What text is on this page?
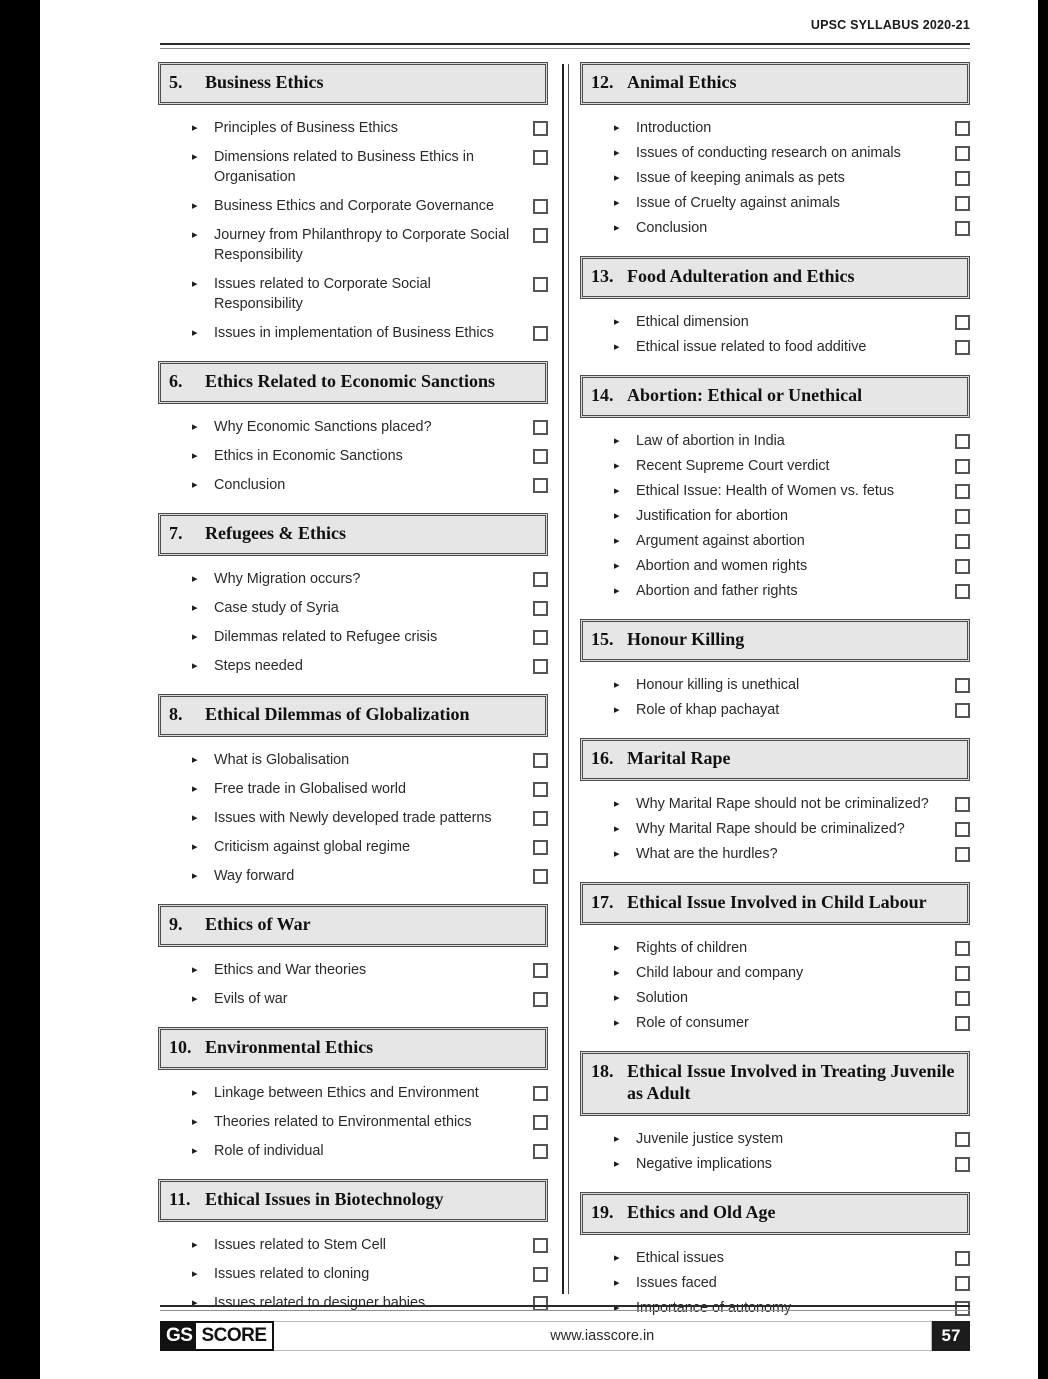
UPSC SYLLABUS 2020-21
5.	Business Ethics
▸	Principles of Business Ethics
▸	Dimensions related to Business Ethics in Organisation
▸	Business Ethics and Corporate Governance
▸	Journey from Philanthropy to Corporate Social Responsibility
▸	Issues related to Corporate Social Responsibility
▸	Issues in implementation of Business Ethics
6.	Ethics Related to Economic Sanctions
▸	Why Economic Sanctions placed?
▸	Ethics in Economic Sanctions
▸	Conclusion
7.	Refugees & Ethics
▸	Why Migration occurs?
▸	Case study of Syria
▸	Dilemmas related to Refugee crisis
▸	Steps needed
8.	Ethical Dilemmas of Globalization
▸	What is Globalisation
▸	Free trade in Globalised world
▸	Issues with Newly developed trade patterns
▸	Criticism against global regime
▸	Way forward
9.	Ethics of War
▸	Ethics and War theories
▸	Evils of war
10. Environmental Ethics
▸	Linkage between Ethics and Environment
▸	Theories related to Environmental ethics
▸	Role of individual
11. Ethical Issues in Biotechnology
▸	Issues related to Stem Cell
▸	Issues related to cloning
▸	Issues related to designer babies
12. Animal Ethics
▸	Introduction
▸	Issues of conducting research on animals
▸	Issue of keeping animals as pets
▸	Issue of Cruelty against animals
▸	Conclusion
13. Food Adulteration and Ethics
▸	Ethical dimension
▸	Ethical issue related to food additive
14. Abortion: Ethical or Unethical
▸	Law of abortion in India
▸	Recent Supreme Court verdict
▸	Ethical Issue: Health of Women vs. fetus
▸	Justification for abortion
▸	Argument against abortion
▸	Abortion and women rights
▸	Abortion and father rights
15. Honour Killing
▸	Honour killing is unethical
▸	Role of khap pachayat
16. Marital Rape
▸	Why Marital Rape should not be criminalized?
▸	Why Marital Rape should be criminalized?
▸	What are the hurdles?
17. Ethical Issue Involved in Child Labour
▸	Rights of children
▸	Child labour and company
▸	Solution
▸	Role of consumer
18. Ethical Issue Involved in Treating Juvenile as Adult
▸	Juvenile justice system
▸	Negative implications
19. Ethics and Old Age
▸	Ethical issues
▸	Issues faced
▸	Importance of autonomy
GS SCORE	www.iasscore.in	57
